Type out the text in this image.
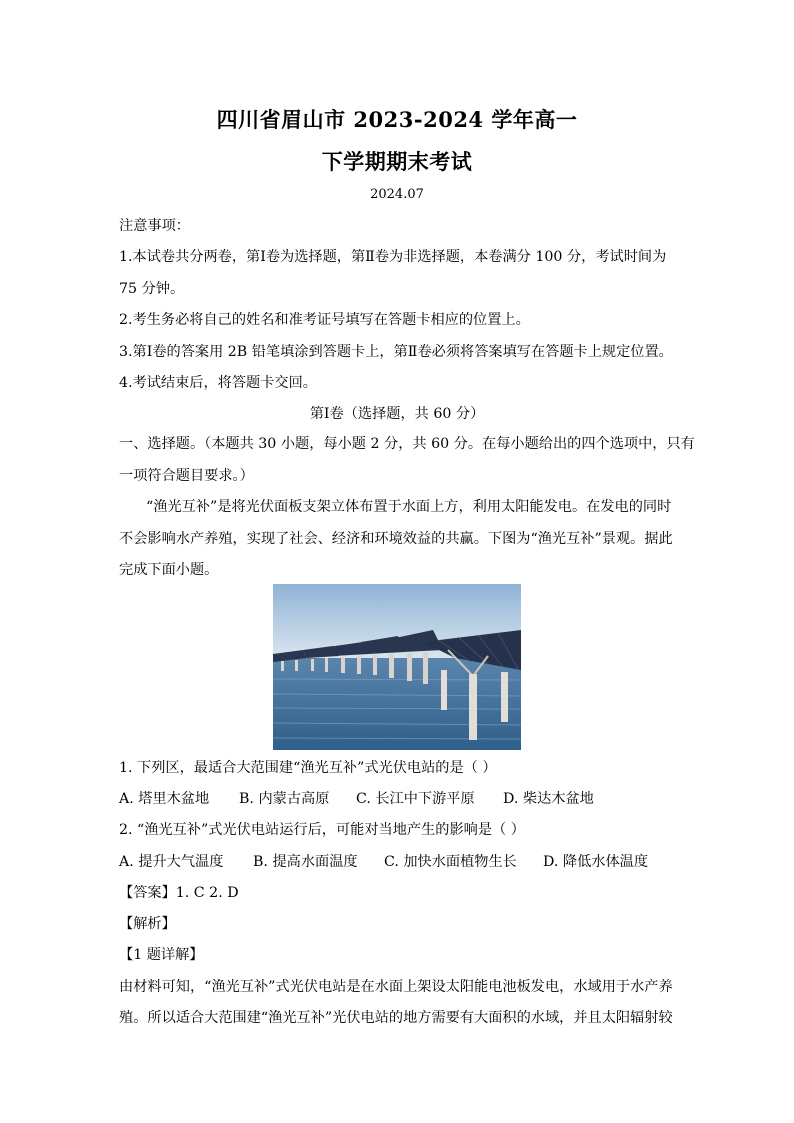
四川省眉山市 2023-2024 学年高一
下学期期末考试
2024.07
注意事项：
1.本试卷共分两卷，第Ⅰ卷为选择题，第Ⅱ卷为非选择题，本卷满分 100 分，考试时间为
75 分钟。
2.考生务必将自己的姓名和准考证号填写在答题卡相应的位置上。
3.第Ⅰ卷的答案用 2B 铅笔填涂到答题卡上，第Ⅱ卷必须将答案填写在答题卡上规定位置。
4.考试结束后，将答题卡交回。
第Ⅰ卷（选择题，共 60 分）
一、选择题。（本题共 30 小题，每小题 2 分，共 60 分。在每小题给出的四个选项中，只有
一项符合题目要求。）
“渔光互补”是将光伏面板支架立体布置于水面上方，利用太阳能发电。在发电的同时
不会影响水产养殖，实现了社会、经济和环境效益的共赢。下图为“渔光互补”景观。据此
完成下面小题。
1. 下列区，最适合大范围建“渔光互补”式光伏电站的是（ ）
A. 塔里木盆地 B. 内蒙古高原 C. 长江中下游平原 D. 柴达木盆地
2. “渔光互补”式光伏电站运行后，可能对当地产生的影响是（ ）
A. 提升大气温度 B. 提高水面温度 C. 加快水面植物生长 D. 降低水体温度
【答案】1. C 2. D
【解析】
【1 题详解】
由材料可知，“渔光互补”式光伏电站是在水面上架设太阳能电池板发电，水域用于水产养
殖。所以适合大范围建“渔光互补”光伏电站的地方需要有大面积的水域，并且太阳辐射较
